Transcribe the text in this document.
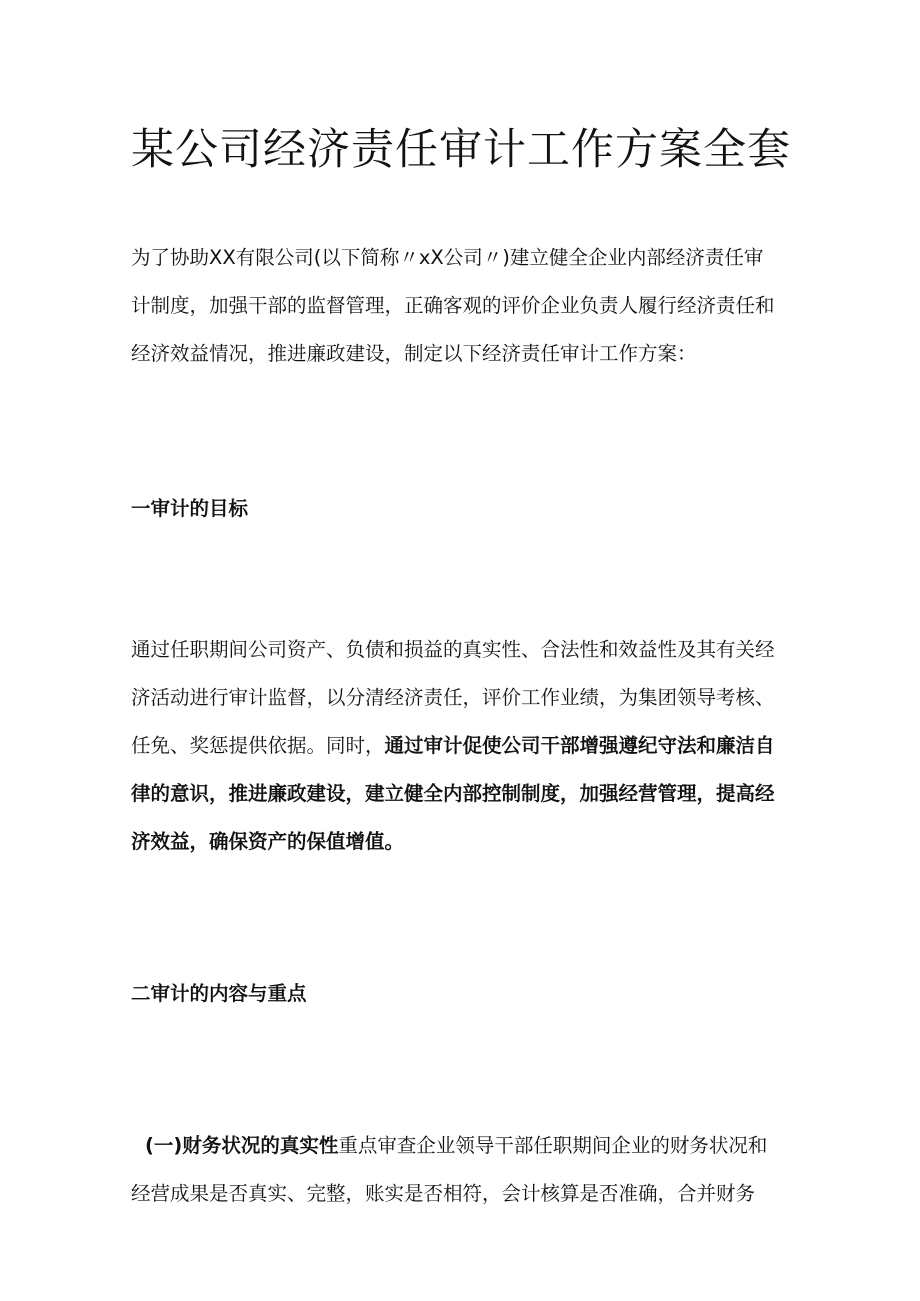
某公司经济责任审计工作方案全套

为了协助XX有限公司(以下简称〃xX公司〃)建立健全企业内部经济责任审
计制度，加强干部的监督管理，正确客观的评价企业负责人履行经济责任和
经济效益情况，推进廉政建设，制定以下经济责任审计工作方案：

一审计的目标

通过任职期间公司资产、负债和损益的真实性、合法性和效益性及其有关经
济活动进行审计监督，以分清经济责任，评价工作业绩，为集团领导考核、
任免、奖惩提供依据。同时，通过审计促使公司干部增强遵纪守法和廉洁自
律的意识，推进廉政建设，建立健全内部控制制度，加强经营管理，提高经
济效益，确保资产的保值增值。

二审计的内容与重点

(一)财务状况的真实性重点审查企业领导干部任职期间企业的财务状况和
经营成果是否真实、完整，账实是否相符，会计核算是否准确，合并财务
